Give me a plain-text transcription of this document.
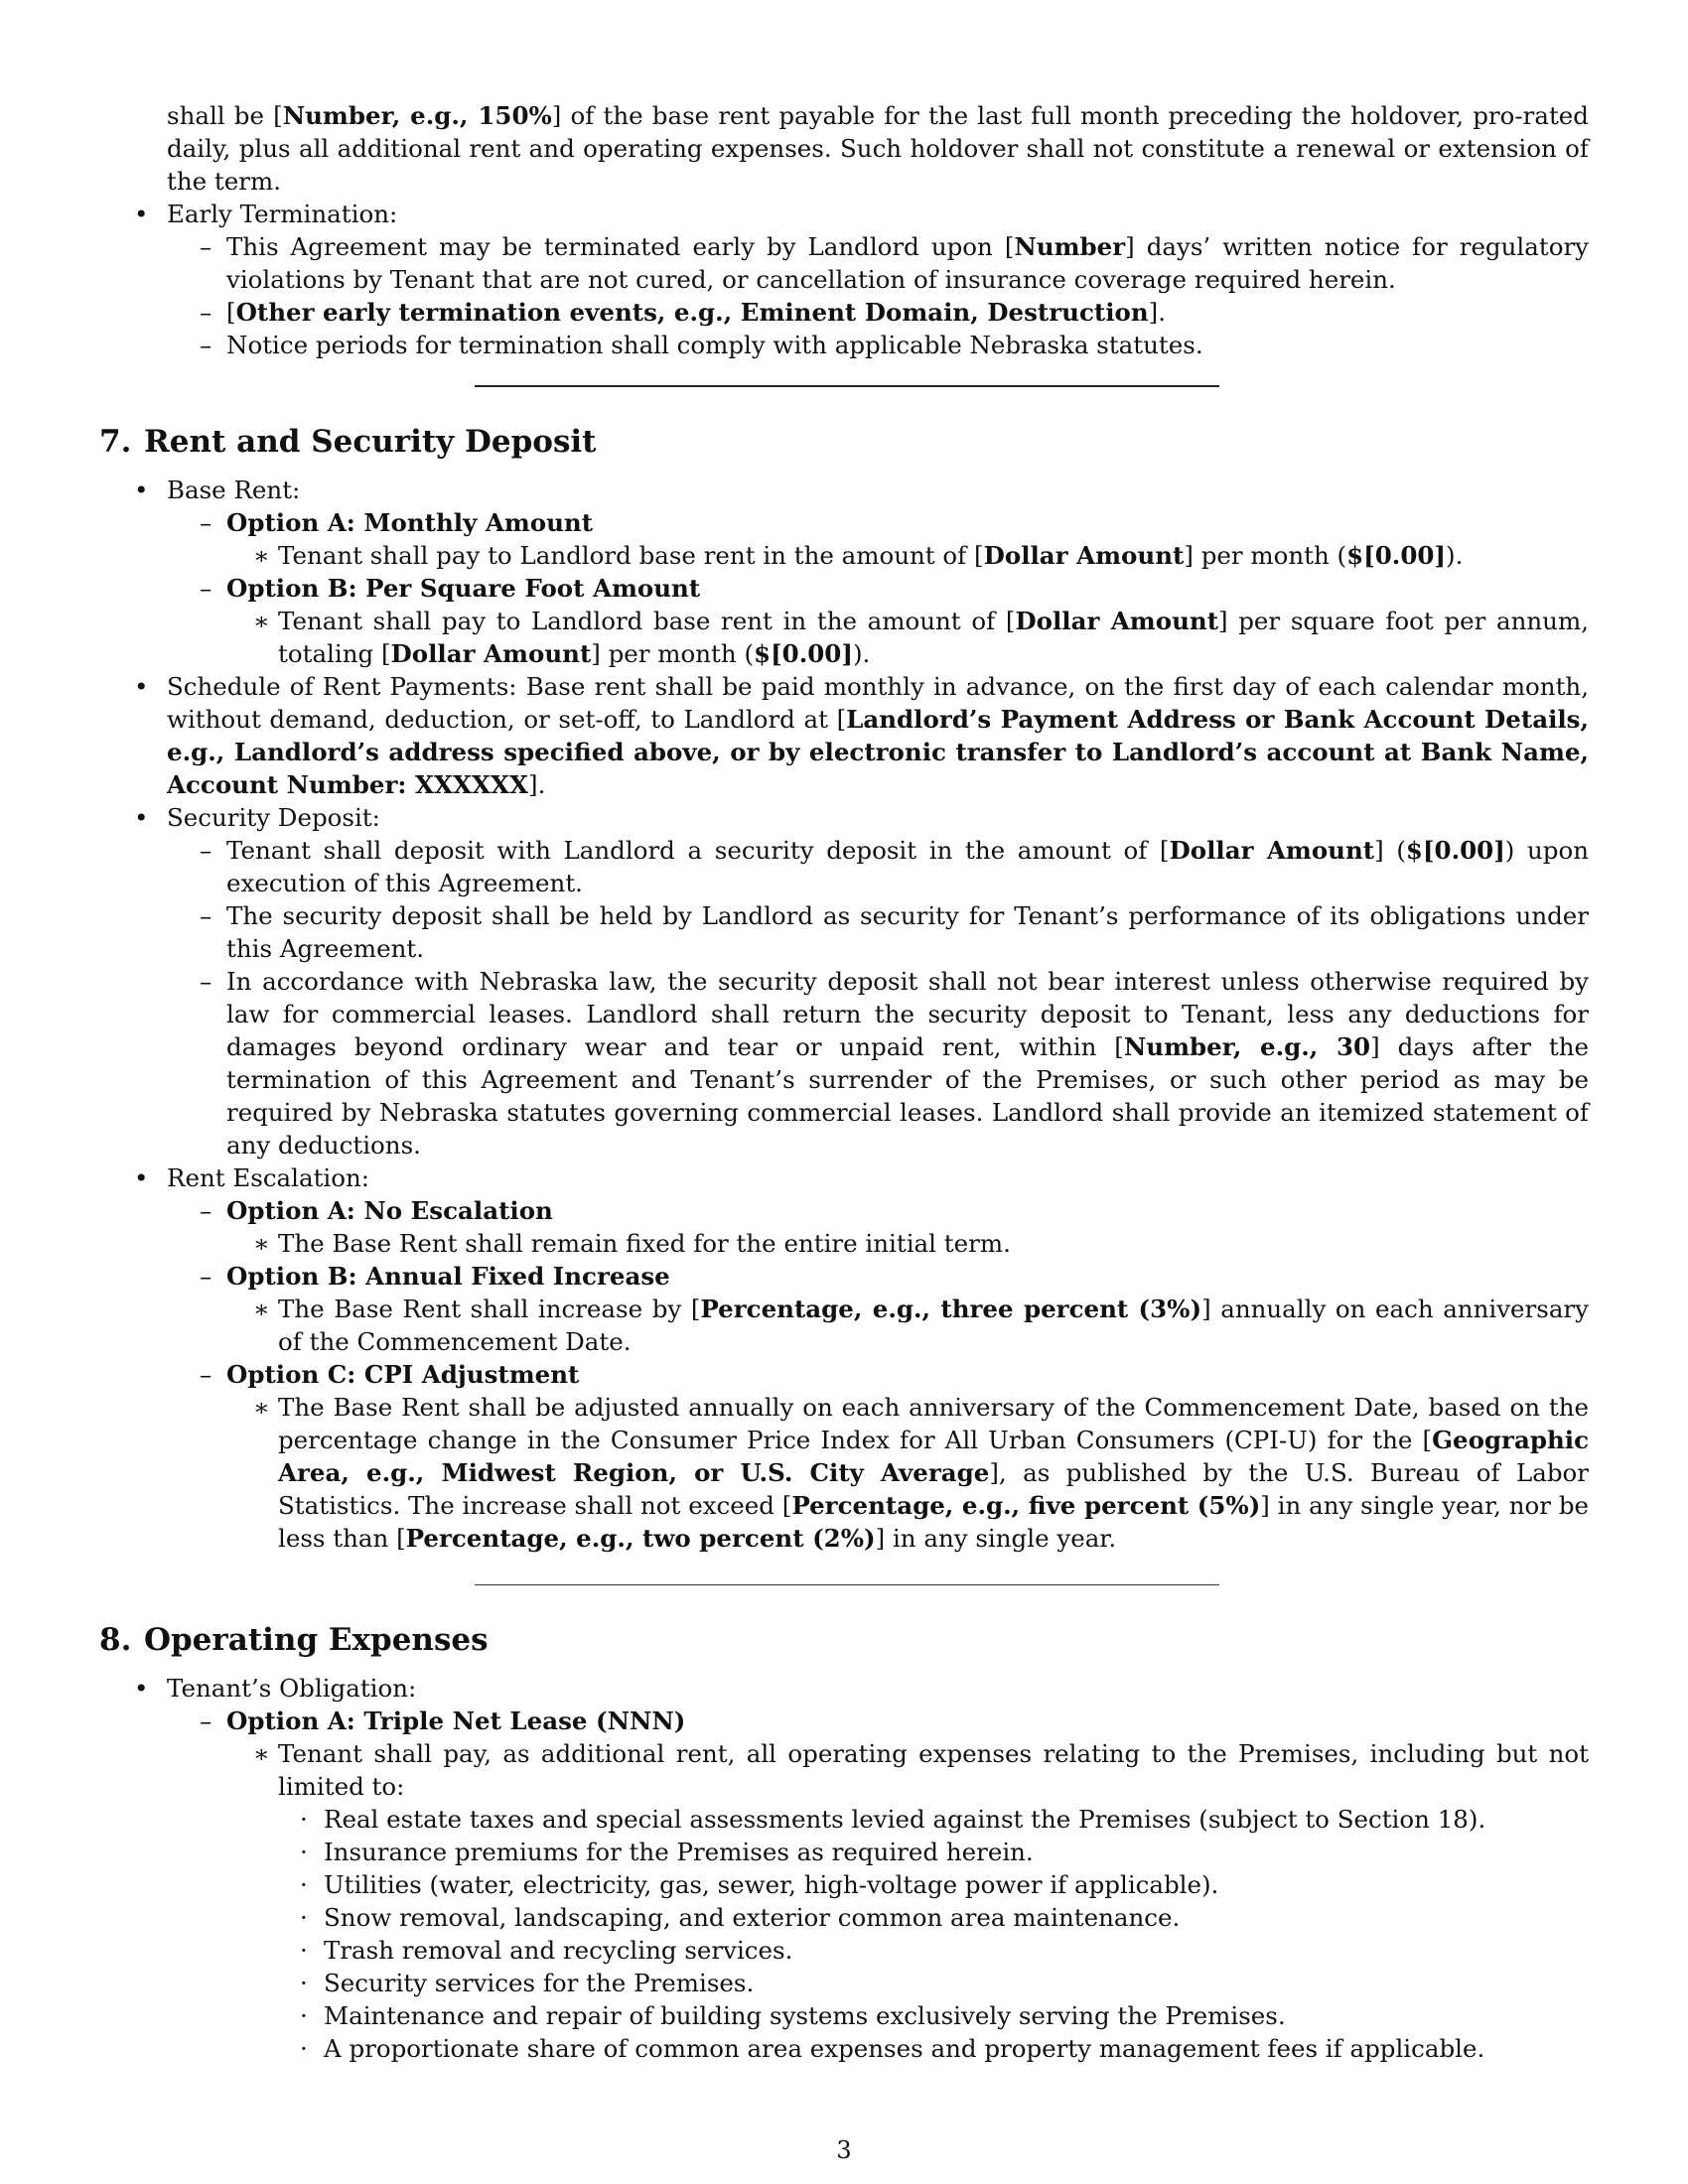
shall be [Number, e.g., 150%] of the base rent payable for the last full month preceding the holdover, pro-rated daily, plus all additional rent and operating expenses. Such holdover shall not constitute a renewal or extension of the term.
• Early Termination:
– This Agreement may be terminated early by Landlord upon [Number] days’ written notice for regulatory violations by Tenant that are not cured, or cancellation of insurance coverage required herein.
– [Other early termination events, e.g., Eminent Domain, Destruction].
– Notice periods for termination shall comply with applicable Nebraska statutes.
7. Rent and Security Deposit
• Base Rent:
– Option A: Monthly Amount
∗ Tenant shall pay to Landlord base rent in the amount of [Dollar Amount] per month ($[0.00]).
– Option B: Per Square Foot Amount
∗ Tenant shall pay to Landlord base rent in the amount of [Dollar Amount] per square foot per annum, totaling [Dollar Amount] per month ($[0.00]).
• Schedule of Rent Payments: Base rent shall be paid monthly in advance, on the first day of each calendar month, without demand, deduction, or set-off, to Landlord at [Landlord’s Payment Address or Bank Account Details, e.g., Landlord’s address specified above, or by electronic transfer to Landlord’s account at Bank Name, Account Number: XXXXXX].
• Security Deposit:
– Tenant shall deposit with Landlord a security deposit in the amount of [Dollar Amount] ($[0.00]) upon execution of this Agreement.
– The security deposit shall be held by Landlord as security for Tenant’s performance of its obligations under this Agreement.
– In accordance with Nebraska law, the security deposit shall not bear interest unless otherwise required by law for commercial leases. Landlord shall return the security deposit to Tenant, less any deductions for damages beyond ordinary wear and tear or unpaid rent, within [Number, e.g., 30] days after the termination of this Agreement and Tenant’s surrender of the Premises, or such other period as may be required by Nebraska statutes governing commercial leases. Landlord shall provide an itemized statement of any deductions.
• Rent Escalation:
– Option A: No Escalation
∗ The Base Rent shall remain fixed for the entire initial term.
– Option B: Annual Fixed Increase
∗ The Base Rent shall increase by [Percentage, e.g., three percent (3%)] annually on each anniversary of the Commencement Date.
– Option C: CPI Adjustment
∗ The Base Rent shall be adjusted annually on each anniversary of the Commencement Date, based on the percentage change in the Consumer Price Index for All Urban Consumers (CPI-U) for the [Geographic Area, e.g., Midwest Region, or U.S. City Average], as published by the U.S. Bureau of Labor Statistics. The increase shall not exceed [Percentage, e.g., five percent (5%)] in any single year, nor be less than [Percentage, e.g., two percent (2%)] in any single year.
8. Operating Expenses
• Tenant’s Obligation:
– Option A: Triple Net Lease (NNN)
∗ Tenant shall pay, as additional rent, all operating expenses relating to the Premises, including but not limited to:
· Real estate taxes and special assessments levied against the Premises (subject to Section 18).
· Insurance premiums for the Premises as required herein.
· Utilities (water, electricity, gas, sewer, high-voltage power if applicable).
· Snow removal, landscaping, and exterior common area maintenance.
· Trash removal and recycling services.
· Security services for the Premises.
· Maintenance and repair of building systems exclusively serving the Premises.
· A proportionate share of common area expenses and property management fees if applicable.
3
